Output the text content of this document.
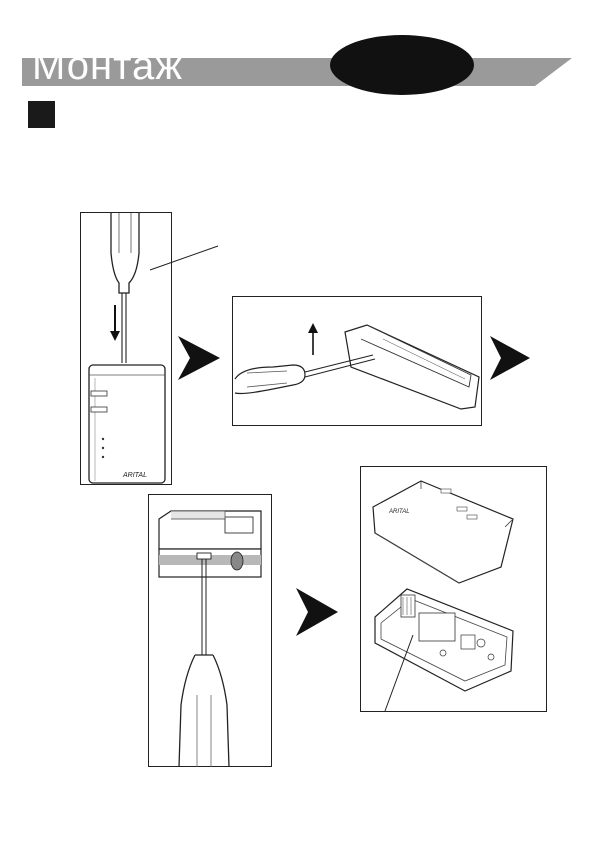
Монтаж
ARITAL
ARITAL
